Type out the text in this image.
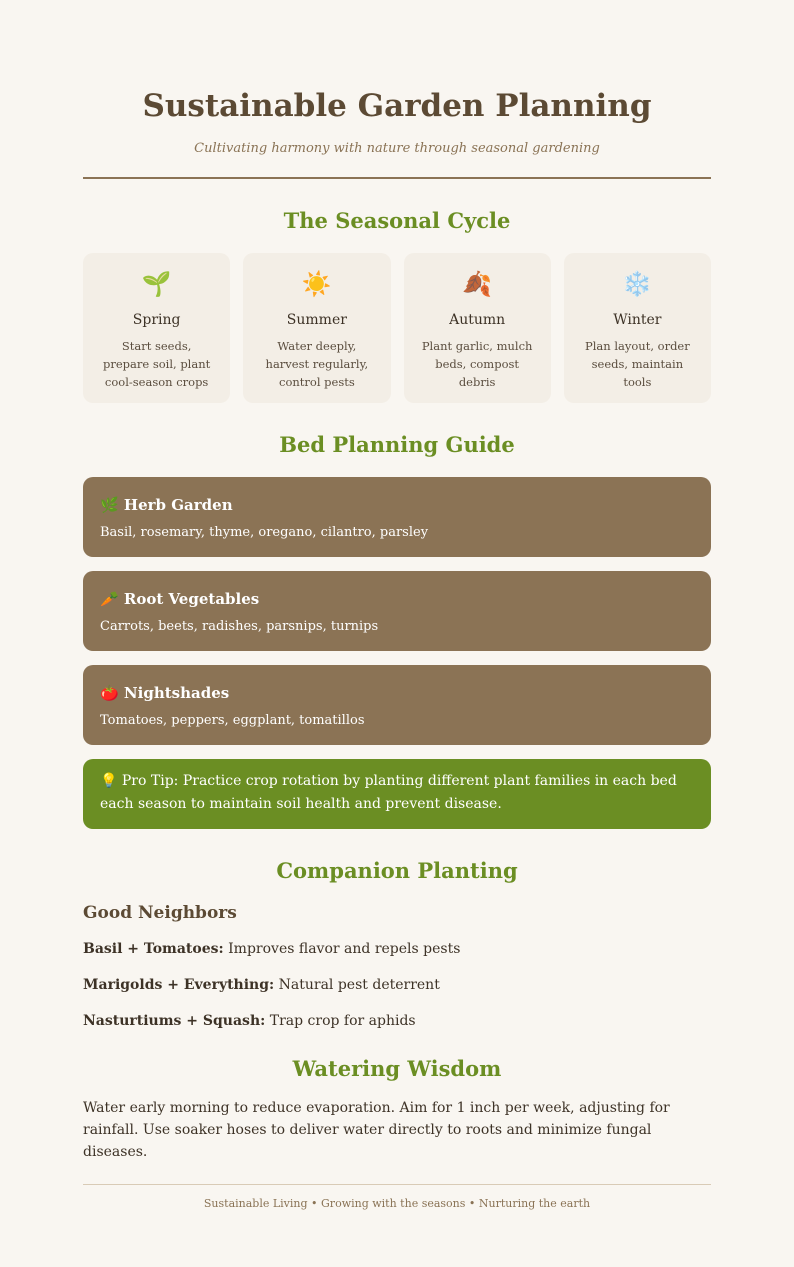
Sustainable Garden Planning
Cultivating harmony with nature through seasonal gardening
The Seasonal Cycle
🌱
Spring
Start seeds, prepare soil, plant cool-season crops
☀️
Summer
Water deeply, harvest regularly, control pests
🍂
Autumn
Plant garlic, mulch beds, compost debris
❄️
Winter
Plan layout, order seeds, maintain tools
Bed Planning Guide
🌿 Herb Garden
Basil, rosemary, thyme, oregano, cilantro, parsley
🥕 Root Vegetables
Carrots, beets, radishes, parsnips, turnips
🍅 Nightshades
Tomatoes, peppers, eggplant, tomatillos
💡 Pro Tip: Practice crop rotation by planting different plant families in each bed each season to maintain soil health and prevent disease.
Companion Planting
Good Neighbors
Basil + Tomatoes: Improves flavor and repels pests
Marigolds + Everything: Natural pest deterrent
Nasturtiums + Squash: Trap crop for aphids
Watering Wisdom
Water early morning to reduce evaporation. Aim for 1 inch per week, adjusting for rainfall. Use soaker hoses to deliver water directly to roots and minimize fungal diseases.
Sustainable Living • Growing with the seasons • Nurturing the earth
